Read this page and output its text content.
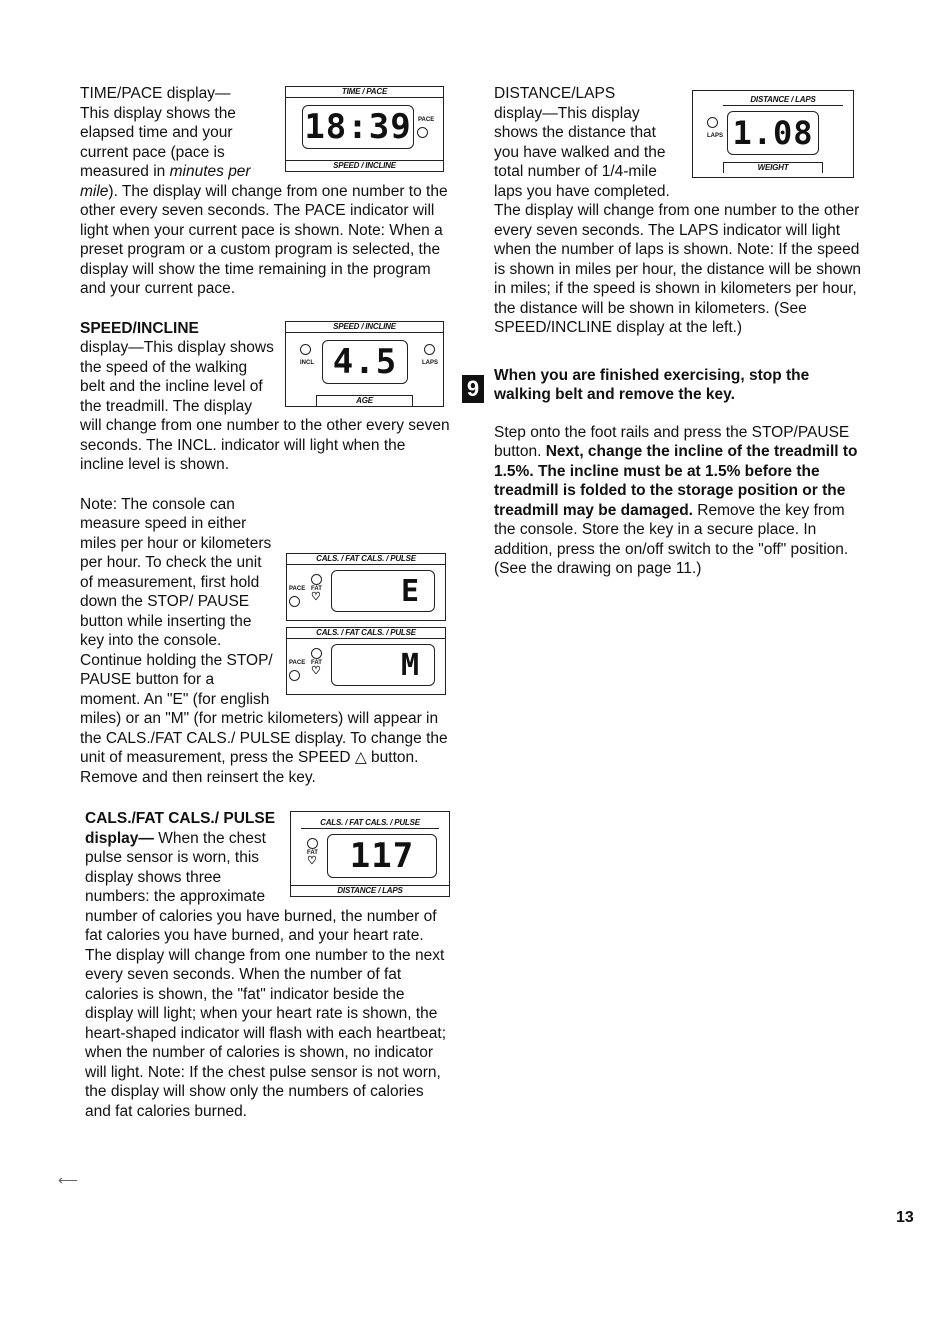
TIME / PACE
18:39	PACE
SPEED / INCLINE

TIME/PACE display—
This display shows the elapsed time and your current pace (pace is measured in minutes per mile). The display will change from one number to the other every seven seconds. The PACE indicator will light when your current pace is shown. Note: When a preset program or a custom program is selected, the display will show the time remaining in the program and your current pace.

SPEED / INCLINE
INCL 4.5	LAPS
AGE

SPEED/INCLINE
display—This display shows the speed of the walking belt and the incline level of the treadmill. The display will change from one number to the other every seven seconds. The INCL. indicator will light when the incline level is shown.

CALS. / FAT CALS. / PULSE
PACE FAT
♡	E
CALS. / FAT CALS. / PULSE
PACE FAT
♡	M

Note: The console can measure speed in either miles per hour or kilometers per hour. To check the unit of measurement, first hold down the STOP/ PAUSE button while inserting the key into the console. Continue holding the STOP/ PAUSE button for a moment. An "E" (for english miles) or an "M" (for metric kilometers) will appear in the CALS./FAT CALS./ PULSE display. To change the unit of measurement, press the SPEED △ button. Remove and then reinsert the key.

CALS. / FAT CALS. / PULSE
FAT
♡ 117
DISTANCE / LAPS

CALS./FAT CALS./ PULSE display— When the chest pulse sensor is worn, this display shows three numbers: the approximate number of calories you have burned, the number of fat calories you have burned, and your heart rate. The display will change from one number to the next every seven seconds. When the number of fat calories is shown, the "fat" indicator beside the display will light; when your heart rate is shown, the heart-shaped indicator will flash with each heartbeat; when the number of calories is shown, no indicator will light. Note: If the chest pulse sensor is not worn, the display will show only the numbers of calories and fat calories burned.

DISTANCE / LAPS
LAPS 1.08
WEIGHT

DISTANCE/LAPS
display—This display shows the distance that you have walked and the total number of 1/4-mile laps you have completed. The display will change from one number to the other every seven seconds. The LAPS indicator will light when the number of laps is shown. Note: If the speed is shown in miles per hour, the distance will be shown in miles; if the speed is shown in kilometers per hour, the distance will be shown in kilometers. (See SPEED/INCLINE display at the left.)

When you are finished exercising, stop the walking belt and remove the key.

Step onto the foot rails and press the STOP/PAUSE button. Next, change the incline of the treadmill to 1.5%. The incline must be at 1.5% before the treadmill is folded to the storage position or the treadmill may be damaged. Remove the key from the console. Store the key in a secure place. In addition, press the on/off switch to the "off" position. (See the drawing on page 11.)

9
13
⟵
